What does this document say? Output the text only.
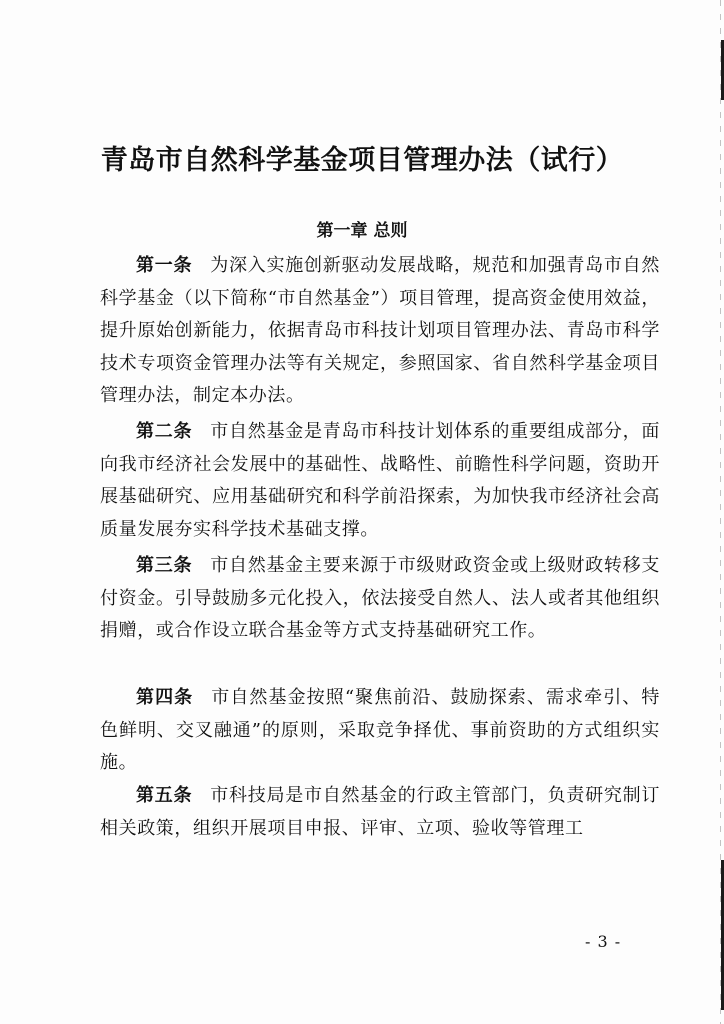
青岛市自然科学基金项目管理办法（试行）
第一章 总则

第一条 为深入实施创新驱动发展战略，规范和加强青岛市自然科学基金（以下简称“市自然基金”）项目管理，提高资金使用效益，提升原始创新能力，依据青岛市科技计划项目管理办法、青岛市科学技术专项资金管理办法等有关规定，参照国家、省自然科学基金项目管理办法，制定本办法。

第二条 市自然基金是青岛市科技计划体系的重要组成部分，面向我市经济社会发展中的基础性、战略性、前瞻性科学问题，资助开展基础研究、应用基础研究和科学前沿探索，为加快我市经济社会高质量发展夯实科学技术基础支撑。

第三条 市自然基金主要来源于市级财政资金或上级财政转移支付资金。引导鼓励多元化投入，依法接受自然人、法人或者其他组织捐赠，或合作设立联合基金等方式支持基础研究工作。

第四条 市自然基金按照“聚焦前沿、鼓励探索、需求牵引、特色鲜明、交叉融通”的原则，采取竞争择优、事前资助的方式组织实施。

第五条 市科技局是市自然基金的行政主管部门，负责研究制订相关政策，组织开展项目申报、评审、立项、验收等管理工

- 3 -
